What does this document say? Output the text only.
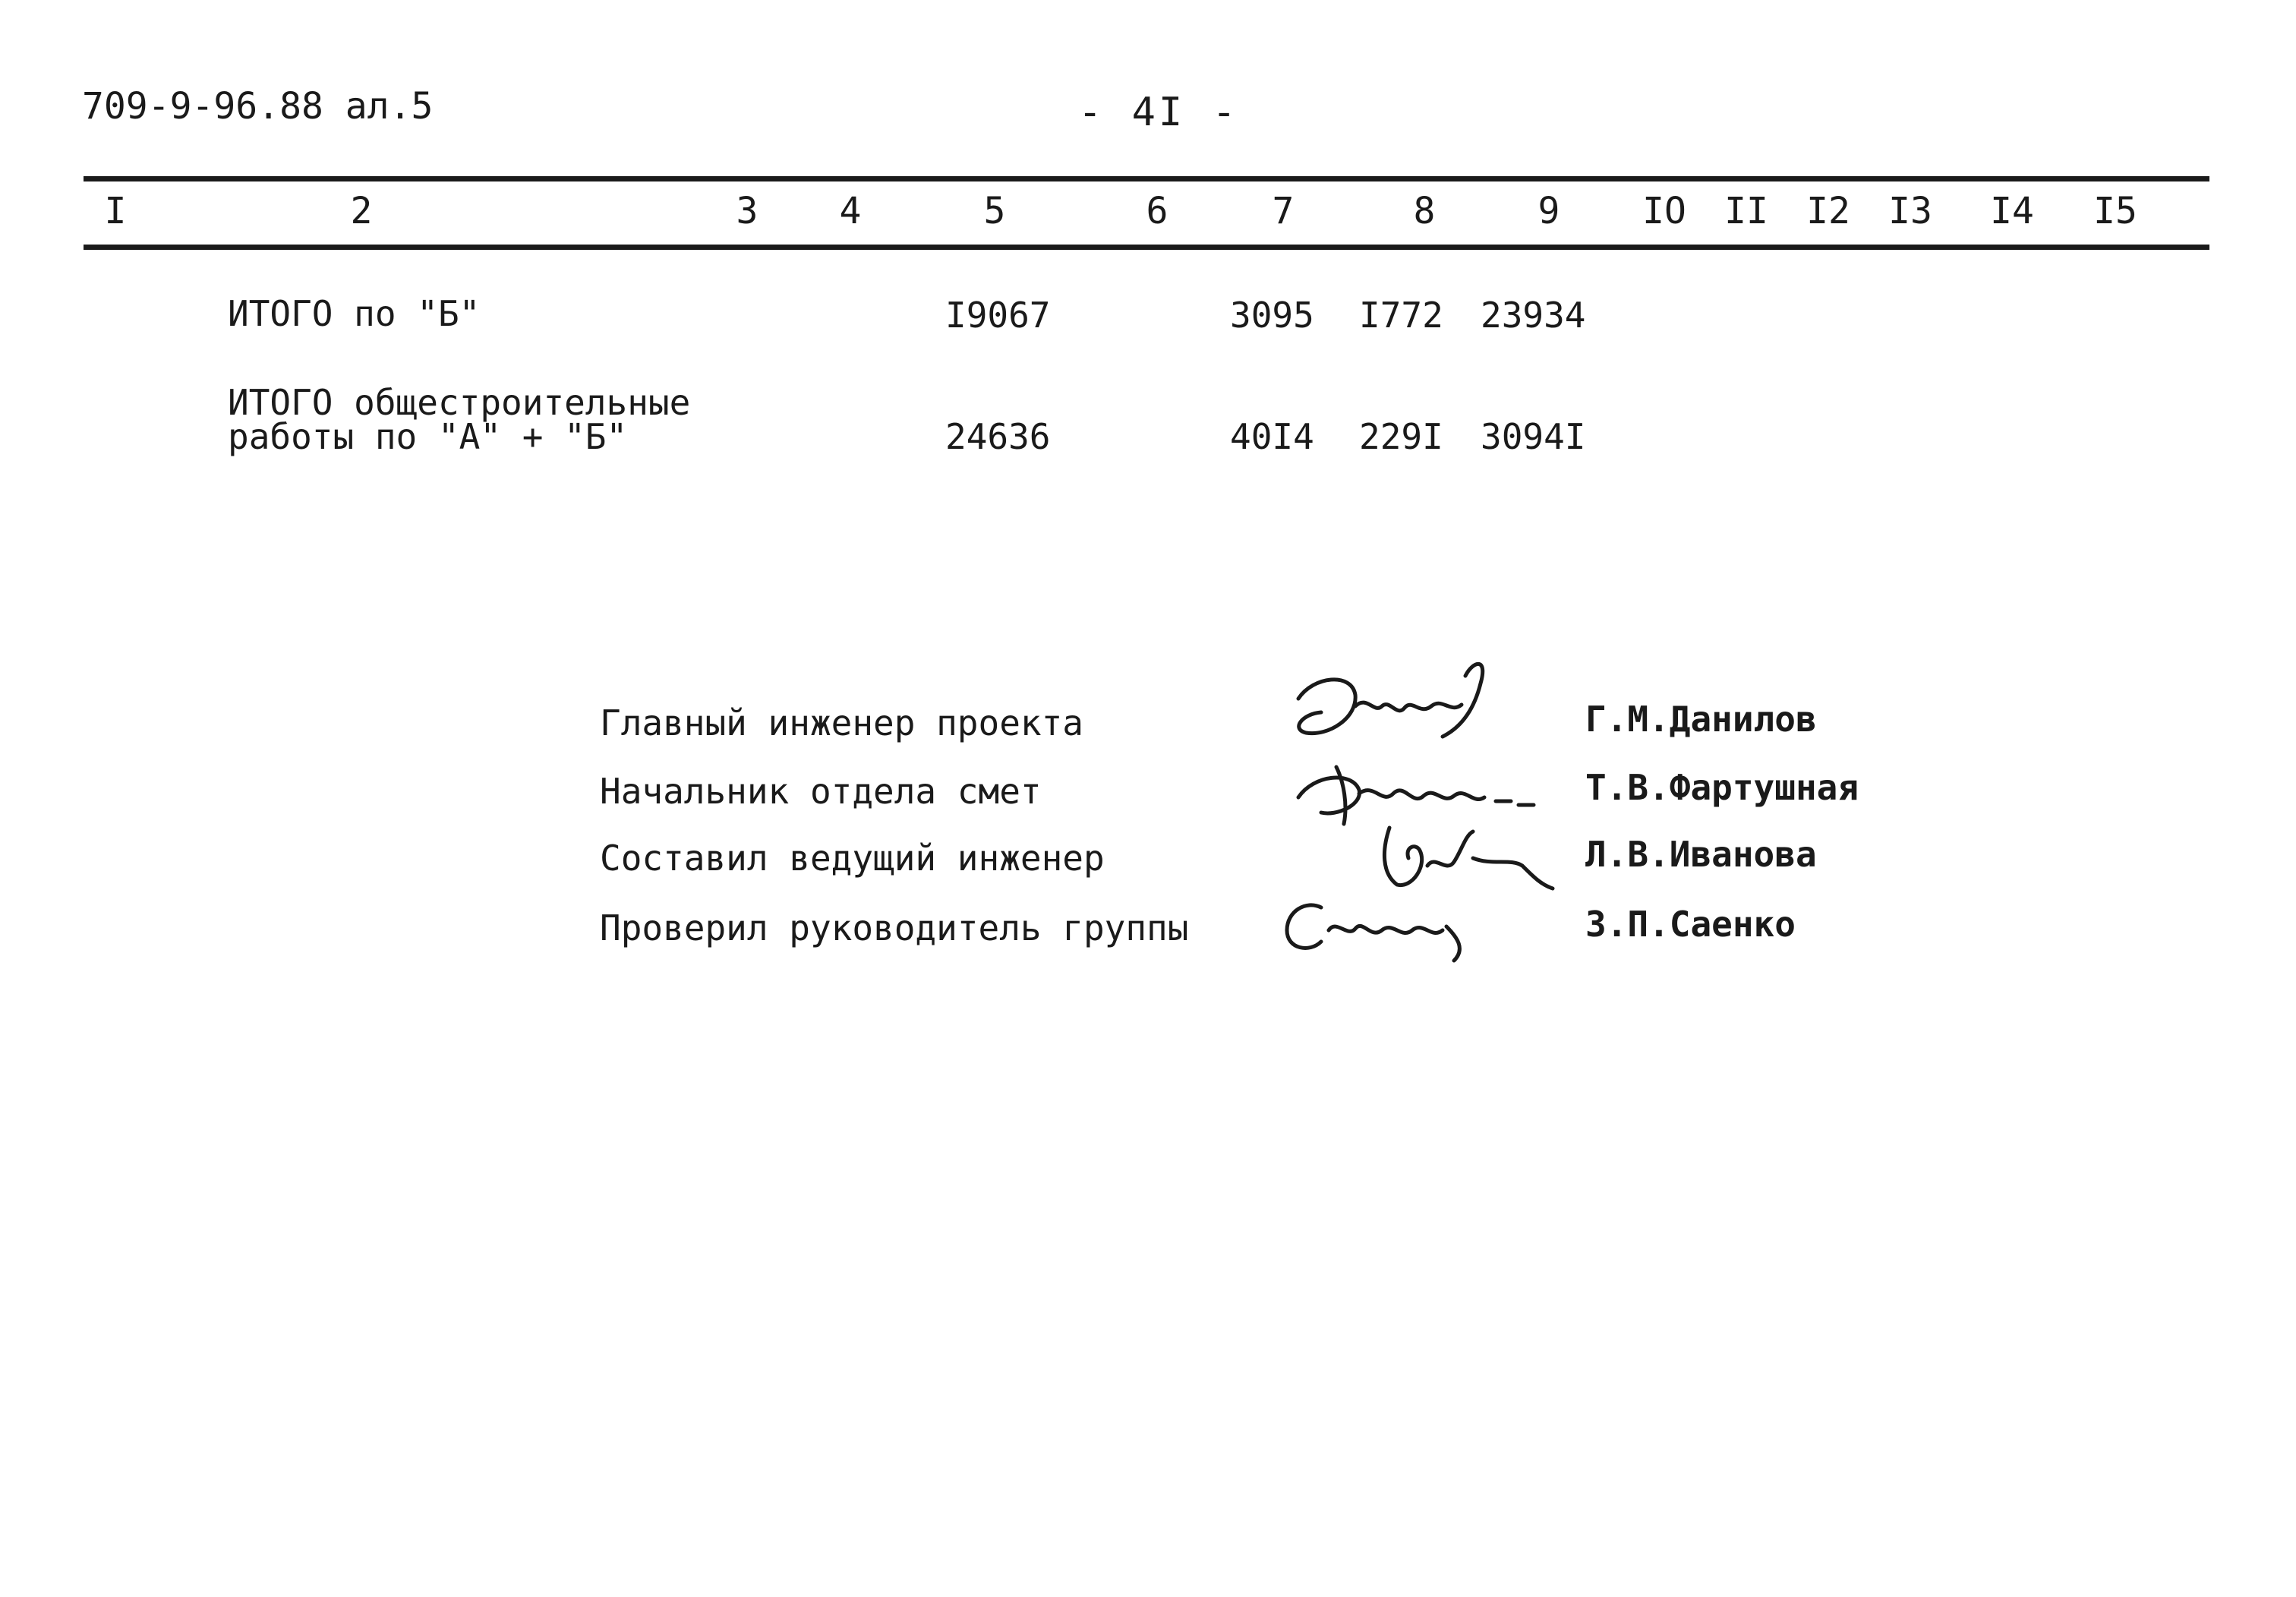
709-9-96.88 ал.5	- 4I -
I	2	3 4	5	6	7	8	9 IO II I2 I3 I4 I5
ИТОГО по "Б"	I9067	3095 I772 23934
ИТОГО общестроительные
работы по "А" + "Б"	24636	40I4 229I 3094I
Главный инженер проекта	Г.М.Данилов
Начальник отдела смет	Т.В.Фартушная
Составил ведущий инженер	Л.В.Иванова
Проверил руководитель группы	З.П.Саенко
